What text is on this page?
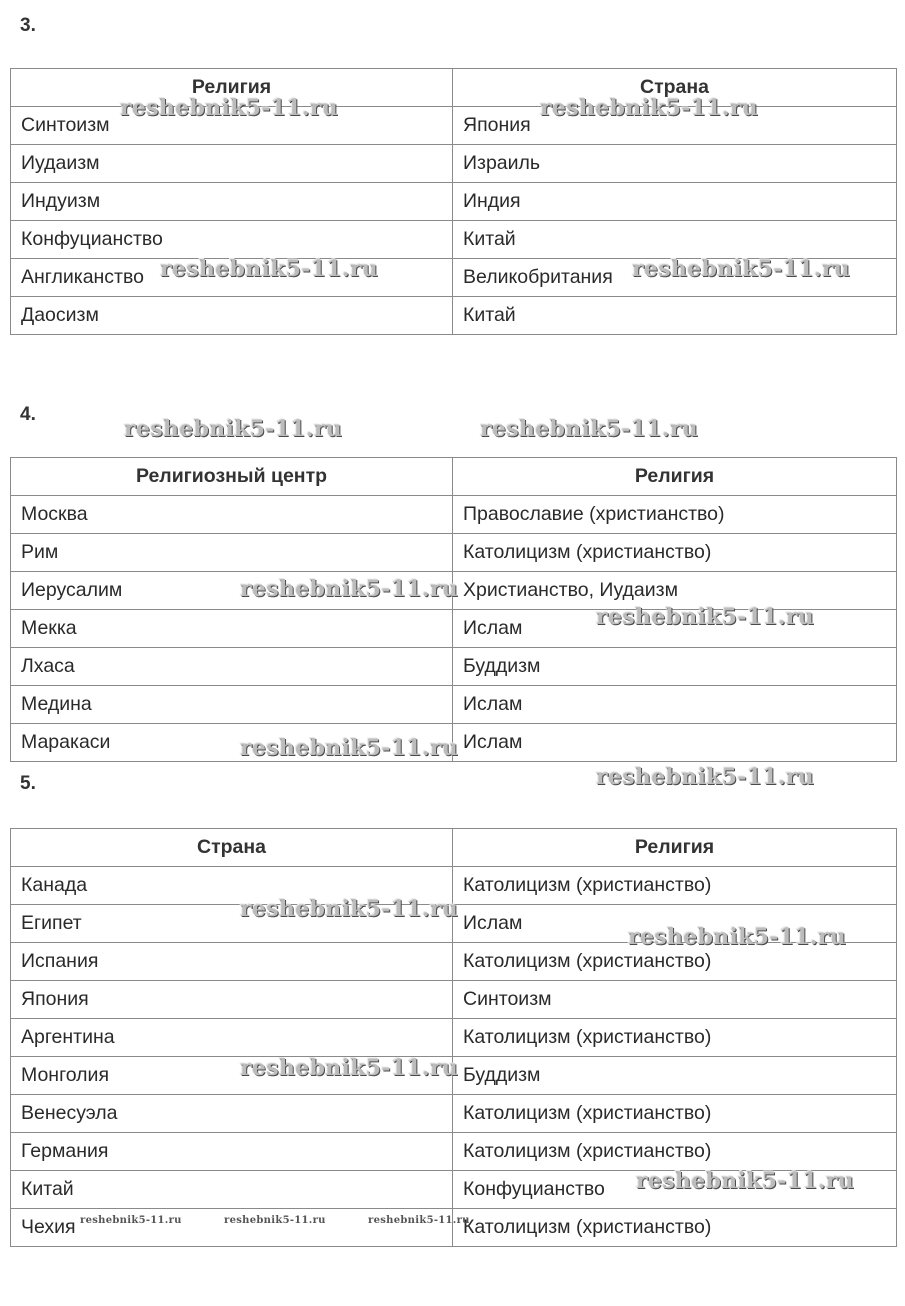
3.
Религия	Страна
Синтоизм	Япония
Иудаизм	Израиль
Индуизм	Индия
Конфуцианство	Китай
Англиканство	Великобритания
Даосизм	Китай
4.
Религиозный центр	Религия
Москва	Православие (христианство)
Рим	Католицизм (христианство)
Иерусалим	Христианство, Иудаизм
Мекка	Ислам
Лхаса	Буддизм
Медина	Ислам
Маракаси	Ислам
5.
Страна	Религия
Канада	Католицизм (христианство)
Египет	Ислам
Испания	Католицизм (христианство)
Япония	Синтоизм
Аргентина	Католицизм (христианство)
Монголия	Буддизм
Венесуэла	Католицизм (христианство)
Германия	Католицизм (христианство)
Китай	Конфуцианство
Чехия	Католицизм (христианство)
reshebnik5-11.ru	reshebnik5-11.ru
reshebnik5-11.ru	reshebnik5-11.ru
reshebnik5-11.ru	reshebnik5-11.ru
reshebnik5-11.ru
reshebnik5-11.ru
reshebnik5-11.ru
reshebnik5-11.ru
reshebnik5-11.ru
reshebnik5-11.ru
reshebnik5-11.ru
reshebnik5-11.ru
reshebnik5-11.ru	reshebnik5-11.ru	reshebnik5-11.ru
